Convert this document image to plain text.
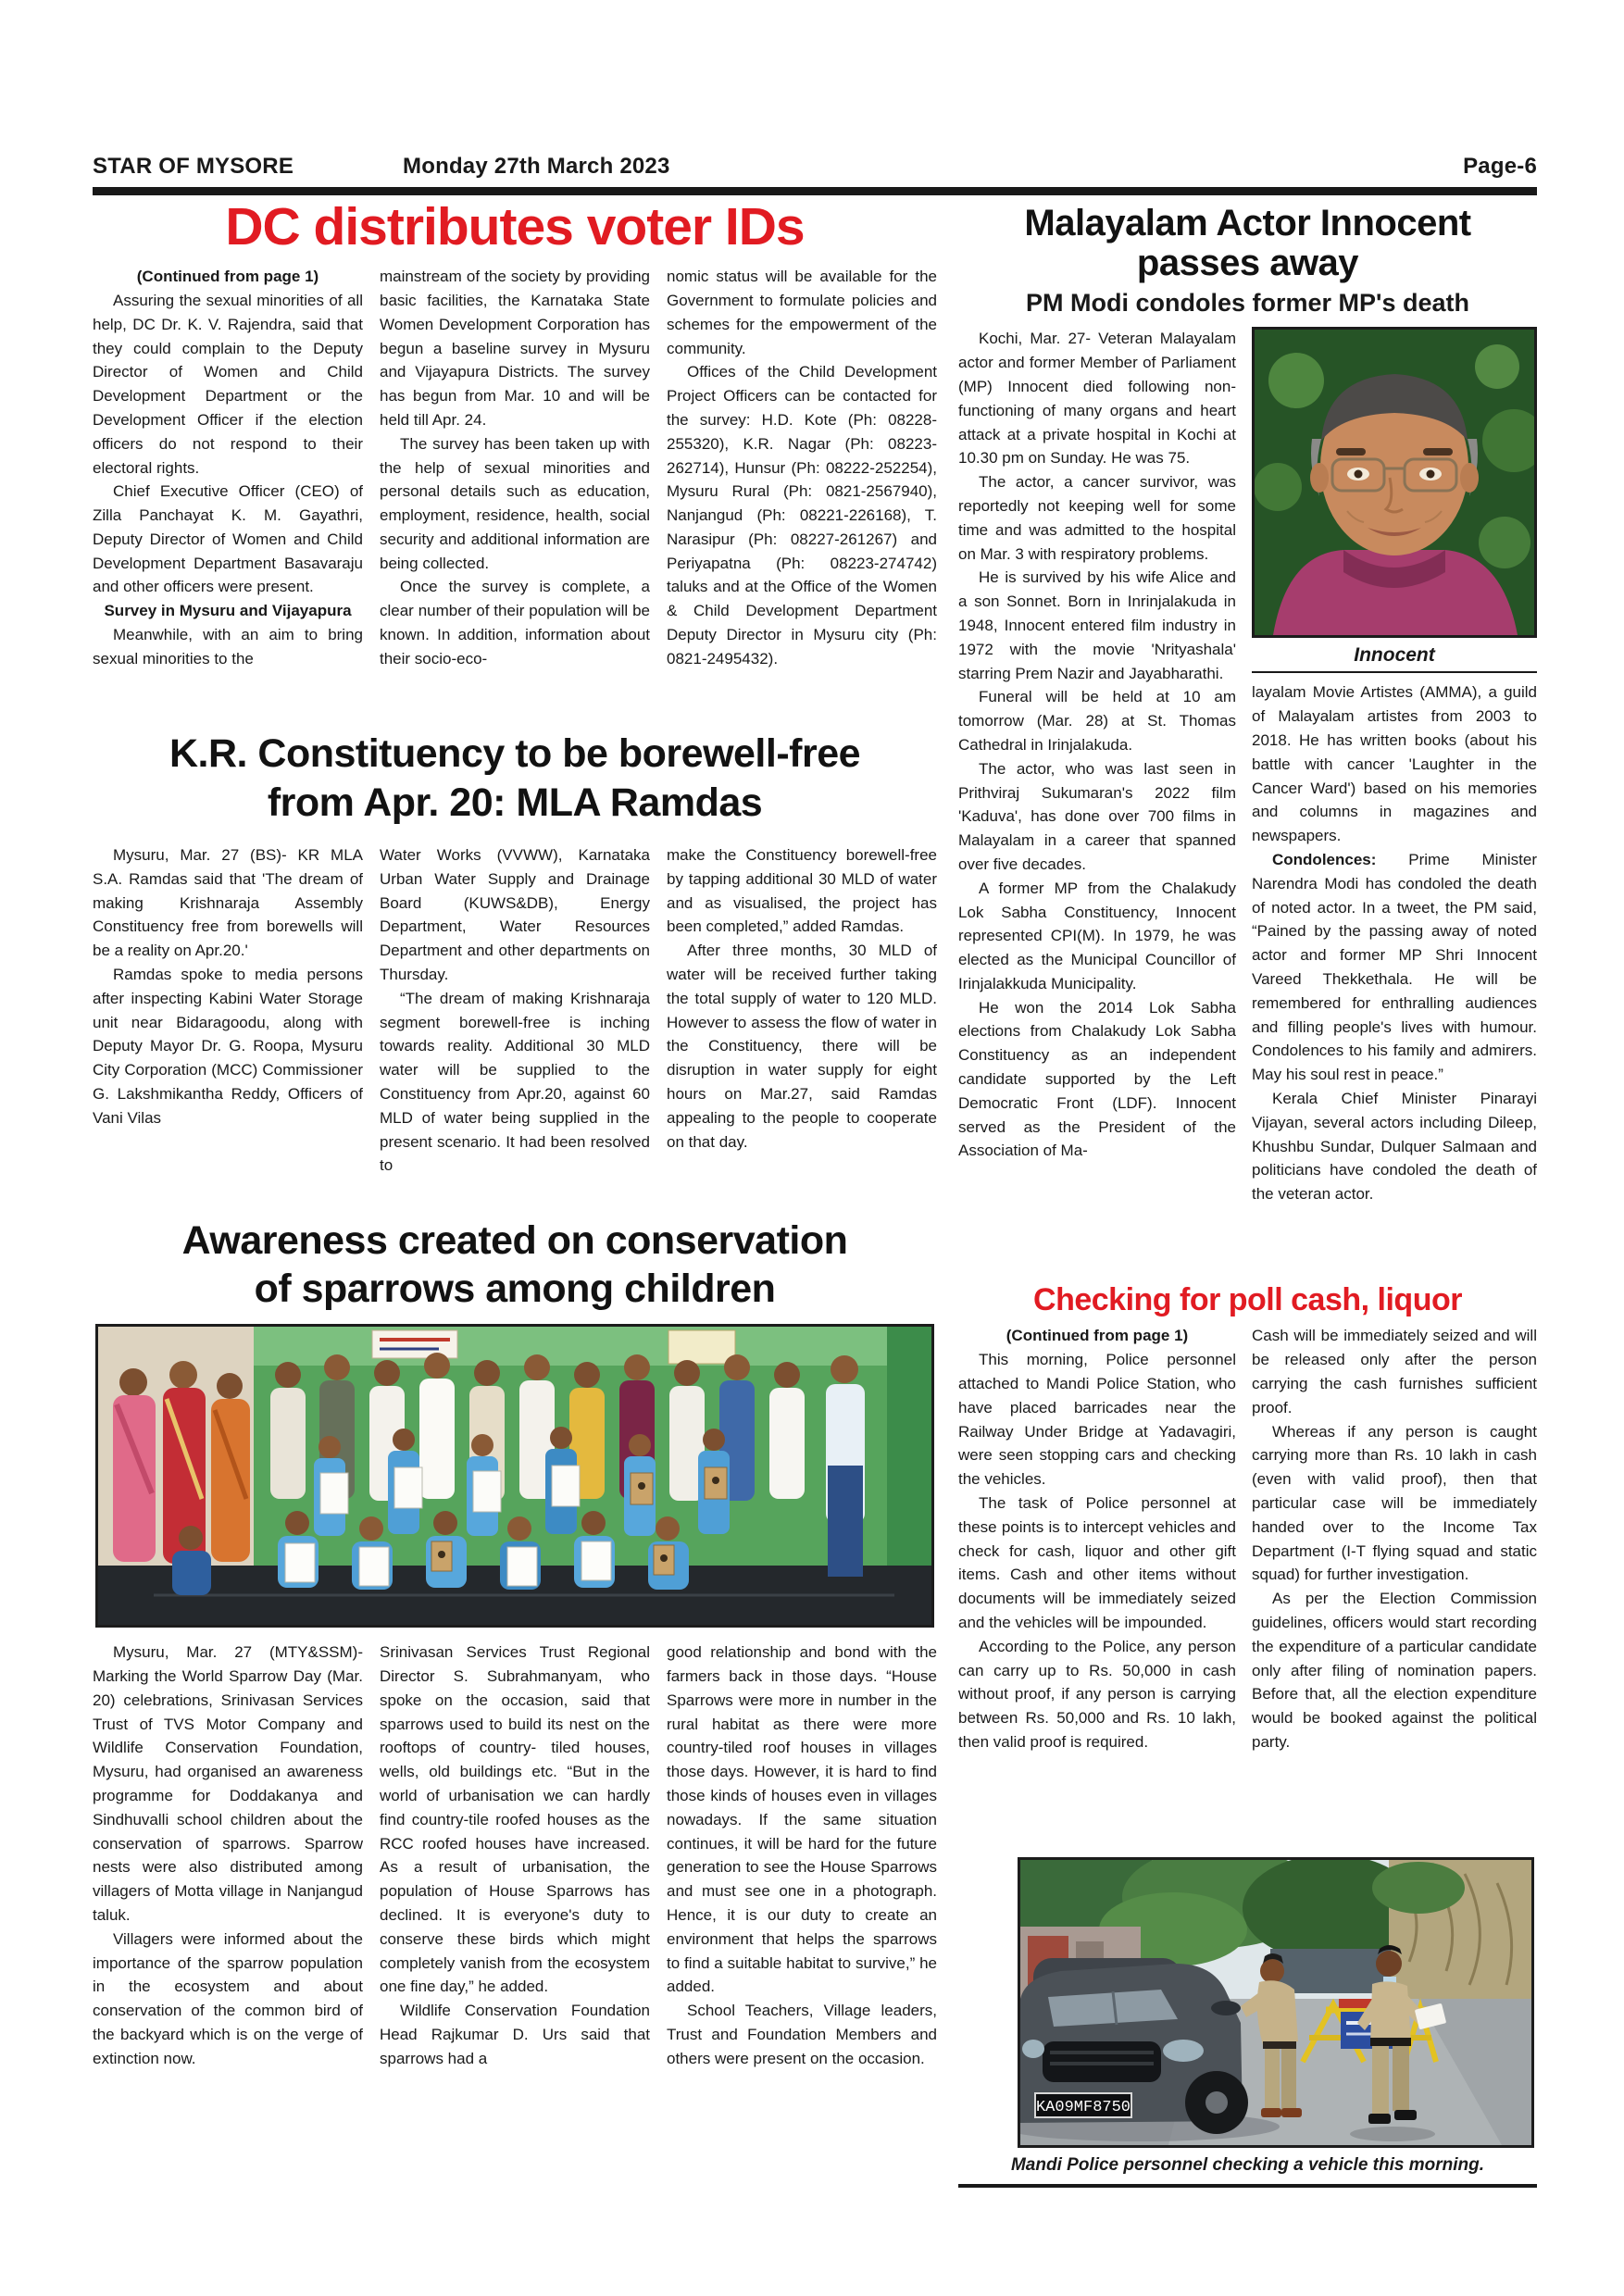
STAR OF MYSORE	Monday 27th March 2023	Page-6
DC distributes voter IDs

(Continued from page 1)

Assuring the sexual minorities of all help, DC Dr. K. V. Rajendra, said that they could complain to the Deputy Director of Women and Child Development Department or the Development Officer if the election officers do not respond to their electoral rights.

Chief Executive Officer (CEO) of Zilla Panchayat K. M. Gayathri, Deputy Director of Women and Child Development Department Basavaraju and other officers were present.

Survey in Mysuru and Vijayapura

Meanwhile, with an aim to bring sexual minorities to the

mainstream of the society by providing basic facilities, the Karnataka State Women Development Corporation has begun a baseline survey in Mysuru and Vijayapura Districts. The survey has begun from Mar. 10 and will be held till Apr. 24.

The survey has been taken up with the help of sexual minorities and personal details such as education, employment, residence, health, social security and additional information are being collected.

Once the survey is complete, a clear number of their population will be known. In addition, information about their socio-eco-

nomic status will be available for the Government to formulate policies and schemes for the empowerment of the community.

Offices of the Child Development Project Officers can be contacted for the survey: H.D. Kote (Ph: 08228-255320), K.R. Nagar (Ph: 08223-262714), Hunsur (Ph: 08222-252254), Mysuru Rural (Ph: 0821-2567940), Nanjangud (Ph: 08221-226168), T. Narasipur (Ph: 08227-261267) and Periyapatna (Ph: 08223-274742) taluks and at the Office of the Women & Child Development Department Deputy Director in Mysuru city (Ph: 0821-2495432).

K.R. Constituency to be borewell-free
from Apr. 20: MLA Ramdas

Mysuru, Mar. 27 (BS)- KR MLA S.A. Ramdas said that 'The dream of making Krishnaraja Assembly Constituency free from borewells will be a reality on Apr.20.'

Ramdas spoke to media persons after inspecting Kabini Water Storage unit near Bidaragoodu, along with Deputy Mayor Dr. G. Roopa, Mysuru City Corporation (MCC) Commissioner G. Lakshmikantha Reddy, Officers of Vani Vilas

Water Works (VVWW), Karnataka Urban Water Supply and Drainage Board (KUWS&DB), Energy Department, Water Resources Department and other departments on Thursday.

“The dream of making Krishnaraja segment borewell-free is inching towards reality. Additional 30 MLD water will be supplied to the Constituency from Apr.20, against 60 MLD of water being supplied in the present scenario. It had been resolved to

make the Constituency borewell-free by tapping additional 30 MLD of water and as visualised, the project has been completed,” added Ramdas.

After three months, 30 MLD of water will be received further taking the total supply of water to 120 MLD. However to assess the flow of water in the Constituency, there will be disruption in water supply for eight hours on Mar.27, said Ramdas appealing to the people to cooperate on that day.

Awareness created on conservation
of sparrows among children

Mysuru, Mar. 27 (MTY&SSM)- Marking the World Sparrow Day (Mar. 20) celebrations, Srinivasan Services Trust of TVS Motor Company and Wildlife Conservation Foundation, Mysuru, had organised an awareness programme for Doddakanya and Sindhuvalli school children about the conservation of sparrows. Sparrow nests were also distributed among villagers of Motta village in Nanjangud taluk.

Villagers were informed about the importance of the sparrow population in the ecosystem and about conservation of the common bird of the backyard which is on the verge of extinction now.

Srinivasan Services Trust Regional Director S. Subrahmanyam, who spoke on the occasion, said that sparrows used to build its nest on the rooftops of country- tiled houses, wells, old buildings etc. “But in the world of urbanisation we can hardly find country-tile roofed houses as the RCC roofed houses have increased. As a result of urbanisation, the population of House Sparrows has declined. It is everyone's duty to conserve these birds which might completely vanish from the ecosystem one fine day,” he added.

Wildlife Conservation Foundation Head Rajkumar D. Urs said that sparrows had a

good relationship and bond with the farmers back in those days. “House Sparrows were more in number in the rural habitat as there were more country-tiled roof houses in villages those days. However, it is hard to find those kinds of houses even in villages nowadays. If the same situation continues, it will be hard for the future generation to see the House Sparrows and must see one in a photograph. Hence, it is our duty to create an environment that helps the sparrows to find a suitable habitat to survive,” he added.

School Teachers, Village leaders, Trust and Foundation Members and others were present on the occasion.

Malayalam Actor Innocent
passes away
PM Modi condoles former MP's death

Kochi, Mar. 27- Veteran Malayalam actor and former Member of Parliament (MP) Innocent died following non-functioning of many organs and heart attack at a private hospital in Kochi at 10.30 pm on Sunday. He was 75.

The actor, a cancer survivor, was reportedly not keeping well for some time and was admitted to the hospital on Mar. 3 with respiratory problems.

He is survived by his wife Alice and a son Sonnet. Born in Inrinjalakuda in 1948, Innocent entered film industry in 1972 with the movie 'Nrityashala' starring Prem Nazir and Jayabharathi.

Funeral will be held at 10 am tomorrow (Mar. 28) at St. Thomas Cathedral in Irinjalakuda.

The actor, who was last seen in Prithviraj Sukumaran's 2022 film 'Kaduva', has done over 700 films in Malayalam in a career that spanned over five decades.

A former MP from the Chalakudy Lok Sabha Constituency, Innocent represented CPI(M). In 1979, he was elected as the Municipal Councillor of Irinjalakkuda Municipality.

He won the 2014 Lok Sabha elections from Chalakudy Lok Sabha Constituency as an independent candidate supported by the Left Democratic Front (LDF). Innocent served as the President of the Association of Ma-

Innocent

layalam Movie Artistes (AMMA), a guild of Malayalam artistes from 2003 to 2018. He has written books (about his battle with cancer 'Laughter in the Cancer Ward') based on his memories and columns in magazines and newspapers.

Condolences: Prime Minister Narendra Modi has condoled the death of noted actor. In a tweet, the PM said, “Pained by the passing away of noted actor and former MP Shri Innocent Vareed Thekkethala. He will be remembered for enthralling audiences and filling people's lives with humour. Condolences to his family and admirers. May his soul rest in peace.”

Kerala Chief Minister Pinarayi Vijayan, several actors including Dileep, Khushbu Sundar, Dulquer Salmaan and politicians have condoled the death of the veteran actor.

Checking for poll cash, liquor

(Continued from page 1)

This morning, Police personnel attached to Mandi Police Station, who have placed barricades near the Railway Under Bridge at Yadavagiri, were seen stopping cars and checking the vehicles.

The task of Police personnel at these points is to intercept vehicles and check for cash, liquor and other gift items. Cash and other items without documents will be immediately seized and the vehicles will be impounded.

According to the Police, any person can carry up to Rs. 50,000 in cash without proof, if any person is carrying between Rs. 50,000 and Rs. 10 lakh, then valid proof is required.

Cash will be immediately seized and will be released only after the person carrying the cash furnishes sufficient proof.

Whereas if any person is caught carrying more than Rs. 10 lakh in cash (even with valid proof), then that particular case will be immediately handed over to the Income Tax Department (I-T flying squad and static squad) for further investigation.

As per the Election Commission guidelines, officers would start recording the expenditure of a particular candidate only after filing of nomination papers. Before that, all the election expenditure would be booked against the political party.

KA09MF8750
Mandi Police personnel checking a vehicle this morning.
